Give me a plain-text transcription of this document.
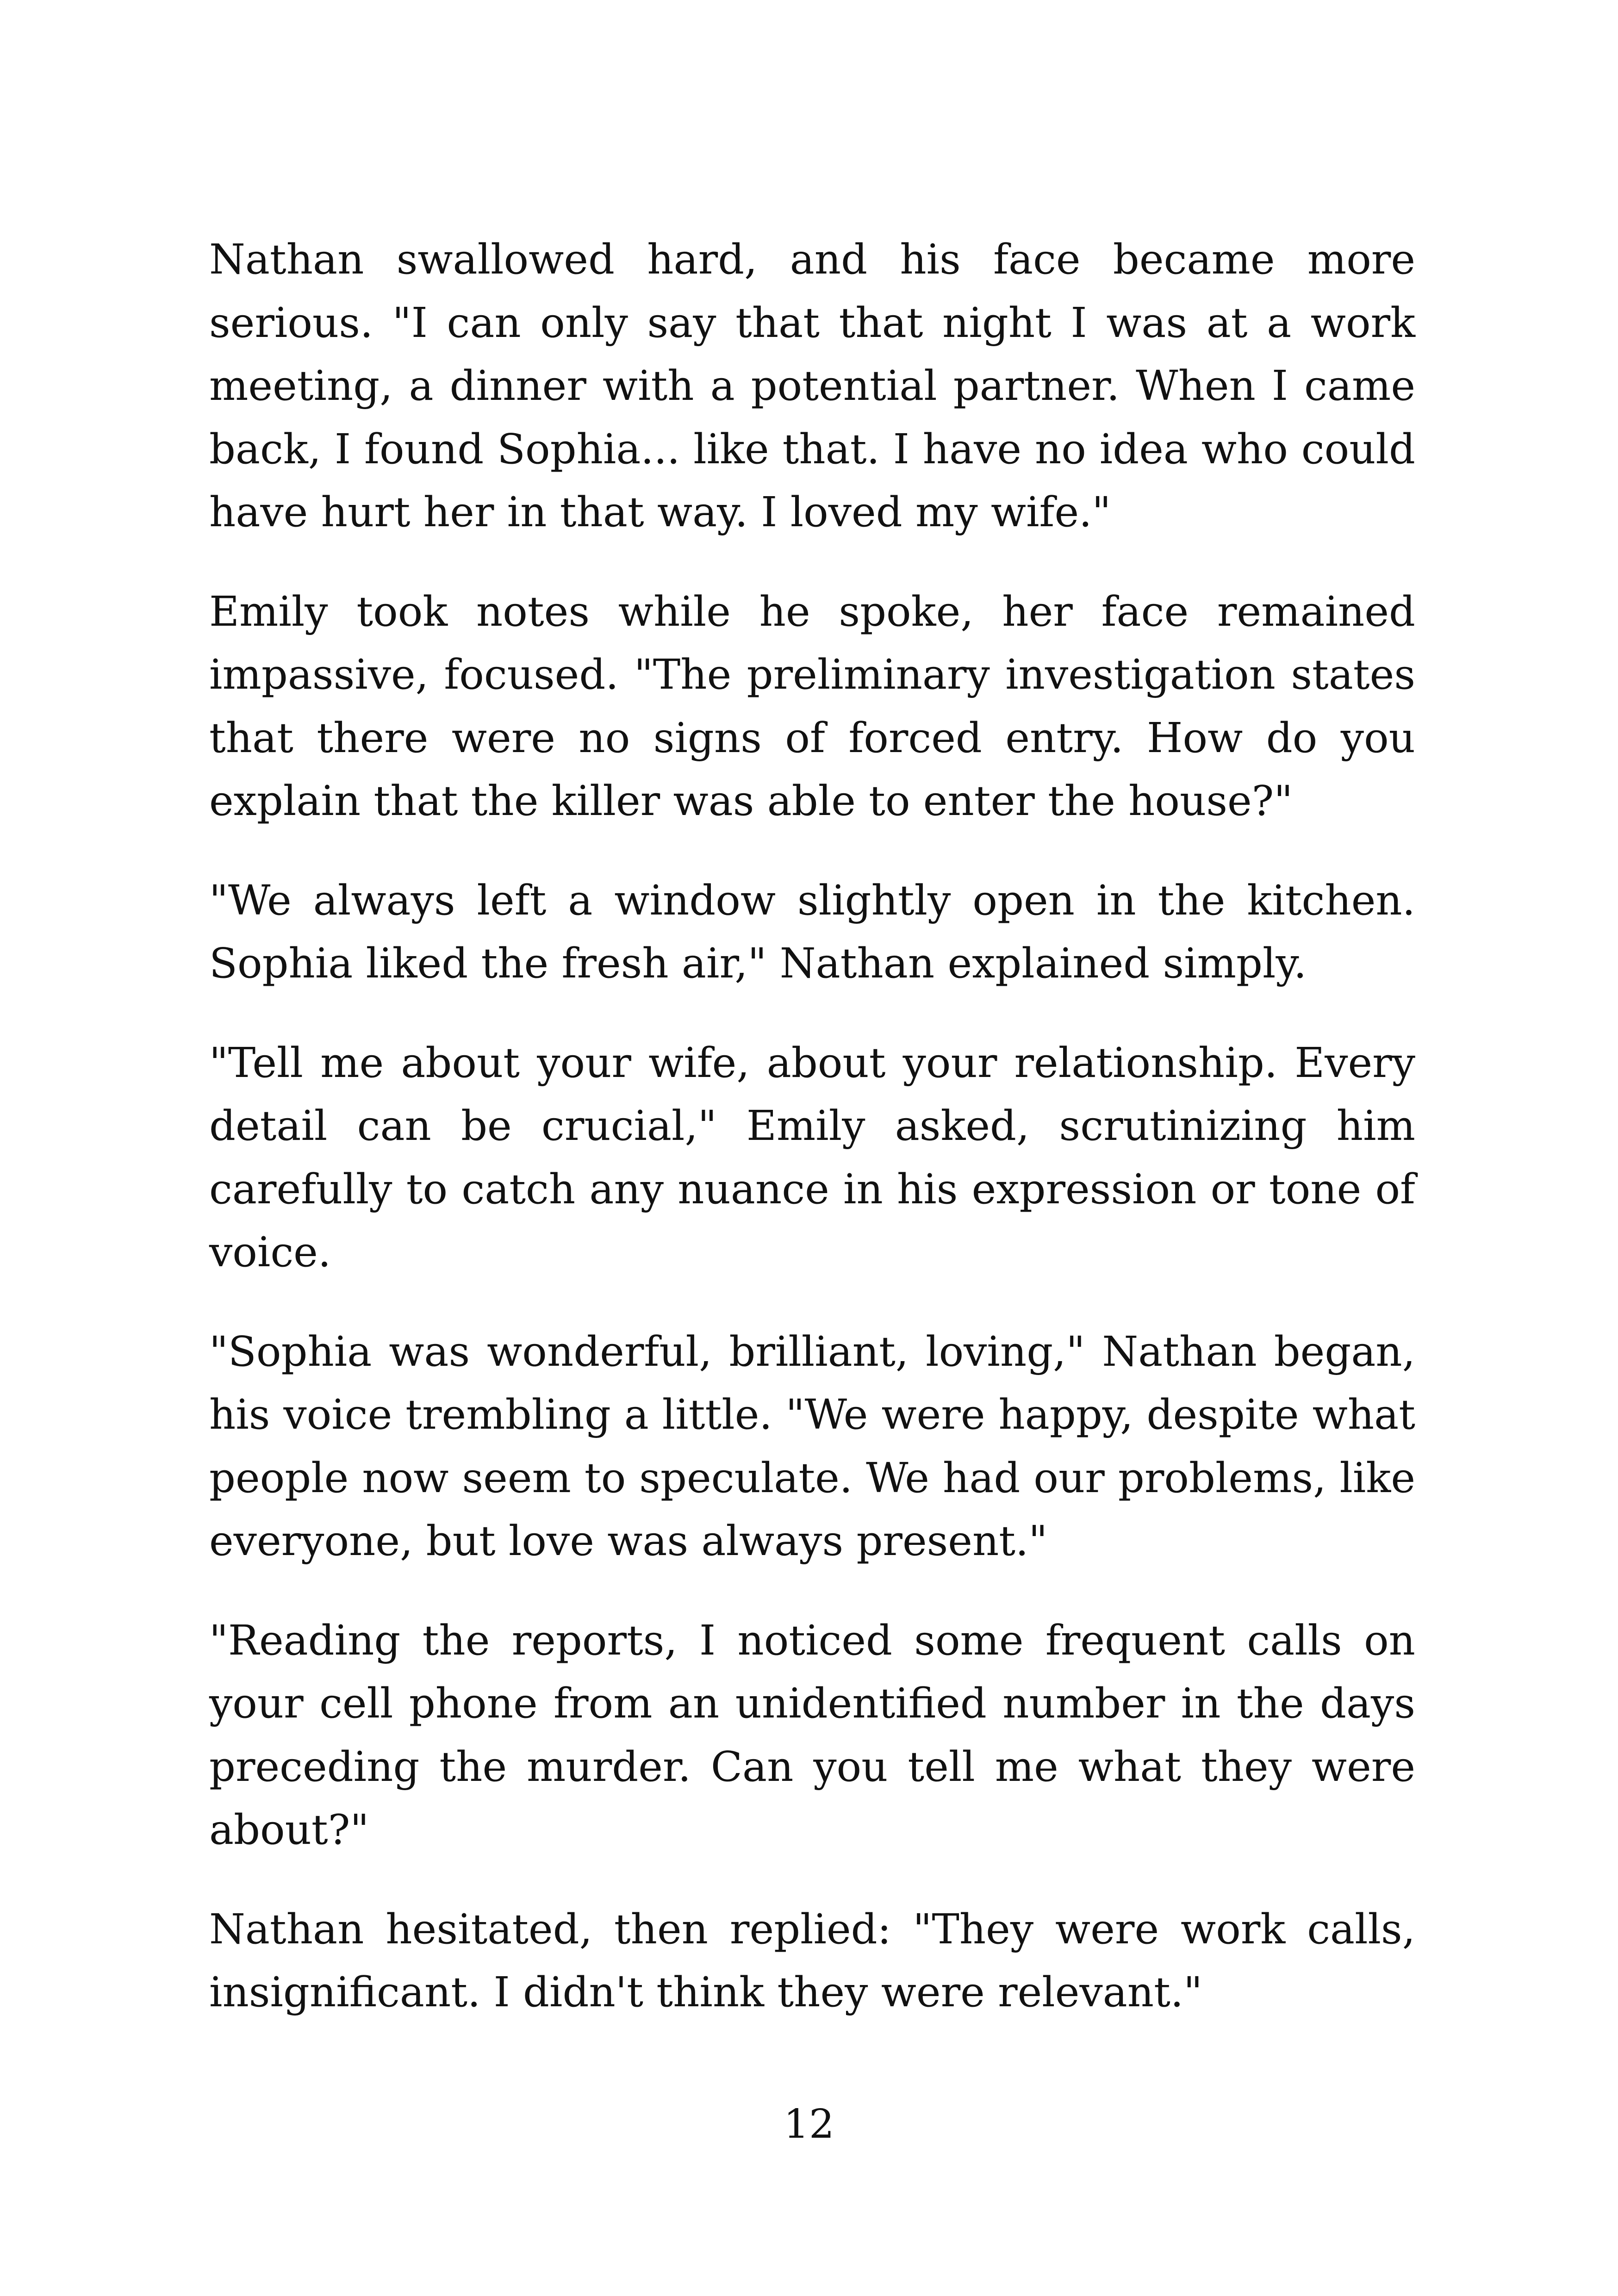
Nathan swallowed hard, and his face became more serious. "I can only say that that night I was at a work meeting, a dinner with a potential partner. When I came back, I found Sophia... like that. I have no idea who could have hurt her in that way. I loved my wife."

Emily took notes while he spoke, her face remained impassive, focused. "The preliminary investigation states that there were no signs of forced entry. How do you explain that the killer was able to enter the house?"

"We always left a window slightly open in the kitchen. Sophia liked the fresh air," Nathan explained simply.

"Tell me about your wife, about your relationship. Every detail can be crucial," Emily asked, scrutinizing him carefully to catch any nuance in his expression or tone of voice.

"Sophia was wonderful, brilliant, loving," Nathan began, his voice trembling a little. "We were happy, despite what people now seem to speculate. We had our problems, like everyone, but love was always present."

"Reading the reports, I noticed some frequent calls on your cell phone from an unidentified number in the days preceding the murder. Can you tell me what they were about?"

Nathan hesitated, then replied: "They were work calls, insignificant. I didn't think they were relevant."

12
